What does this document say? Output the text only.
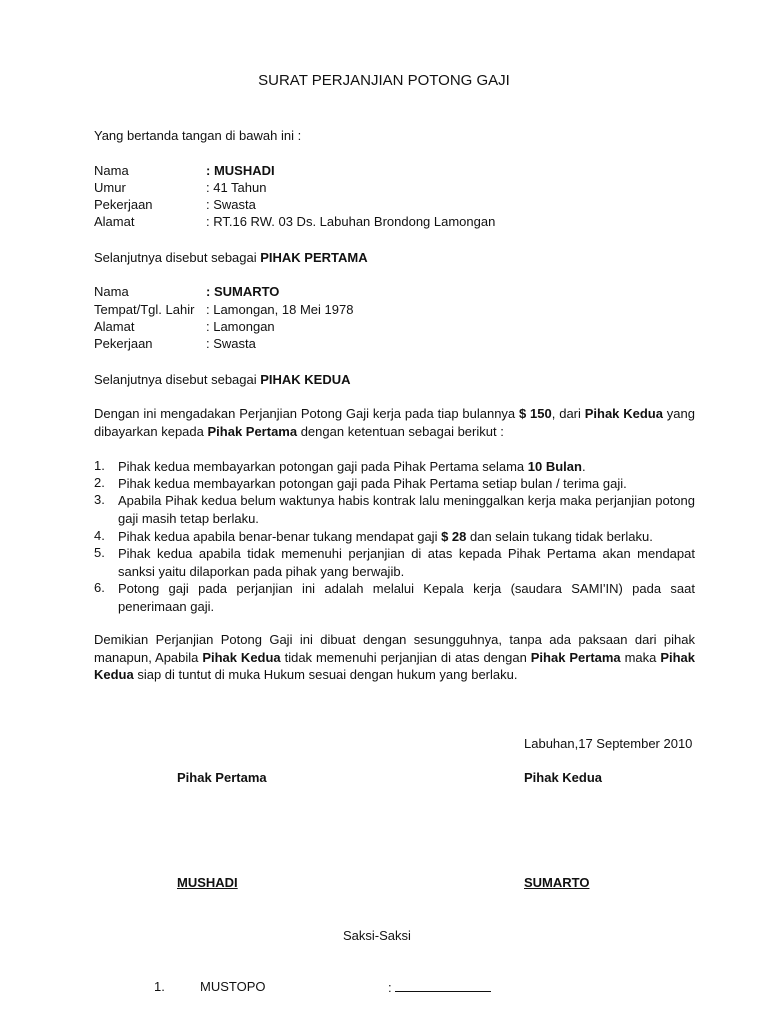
SURAT PERJANJIAN POTONG GAJI
Yang bertanda tangan di bawah ini :
Nama	: MUSHADI
Umur	: 41 Tahun
Pekerjaan	: Swasta
Alamat	: RT.16 RW. 03 Ds. Labuhan Brondong Lamongan
Selanjutnya disebut sebagai PIHAK PERTAMA
Nama	: SUMARTO
Tempat/Tgl. Lahir : Lamongan, 18 Mei 1978
Alamat	: Lamongan
Pekerjaan	: Swasta
Selanjutnya disebut sebagai PIHAK KEDUA
Dengan ini mengadakan Perjanjian Potong Gaji kerja pada tiap bulannya $ 150, dari Pihak Kedua yang dibayarkan kepada Pihak Pertama dengan ketentuan sebagai berikut :
1. Pihak kedua membayarkan potongan gaji pada Pihak Pertama selama 10 Bulan.
2. Pihak kedua membayarkan potongan gaji pada Pihak Pertama setiap bulan / terima gaji.
3. Apabila Pihak kedua belum waktunya habis kontrak lalu meninggalkan kerja maka perjanjian potong gaji masih tetap berlaku.
4. Pihak kedua apabila benar-benar tukang mendapat gaji $ 28 dan selain tukang tidak berlaku.
5. Pihak kedua apabila tidak memenuhi perjanjian di atas kepada Pihak Pertama akan mendapat sanksi yaitu dilaporkan pada pihak yang berwajib.
6. Potong gaji pada perjanjian ini adalah melalui Kepala kerja (saudara SAMI'IN) pada saat penerimaan gaji.
Demikian Perjanjian Potong Gaji ini dibuat dengan sesungguhnya, tanpa ada paksaan dari pihak manapun, Apabila Pihak Kedua tidak memenuhi perjanjian di atas dengan Pihak Pertama maka Pihak Kedua siap di tuntut di muka Hukum sesuai dengan hukum yang berlaku.
Labuhan,17 September 2010
Pihak Pertama	Pihak Kedua
MUSHADI	SUMARTO
Saksi-Saksi
1.	MUSTOPO	:
